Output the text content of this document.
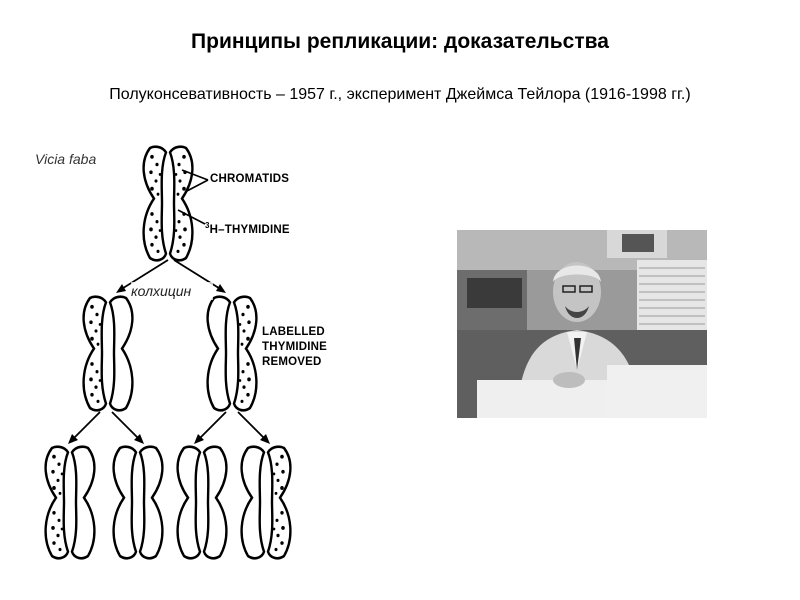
Принципы репликации: доказательства
Полуконсевативность – 1957 г., эксперимент Джеймса Тейлора (1916-1998 гг.)
Vicia faba
колхицин
CHROMATIDS
$^3$H–THYMIDINE
LABELLED THYMIDINE REMOVED
